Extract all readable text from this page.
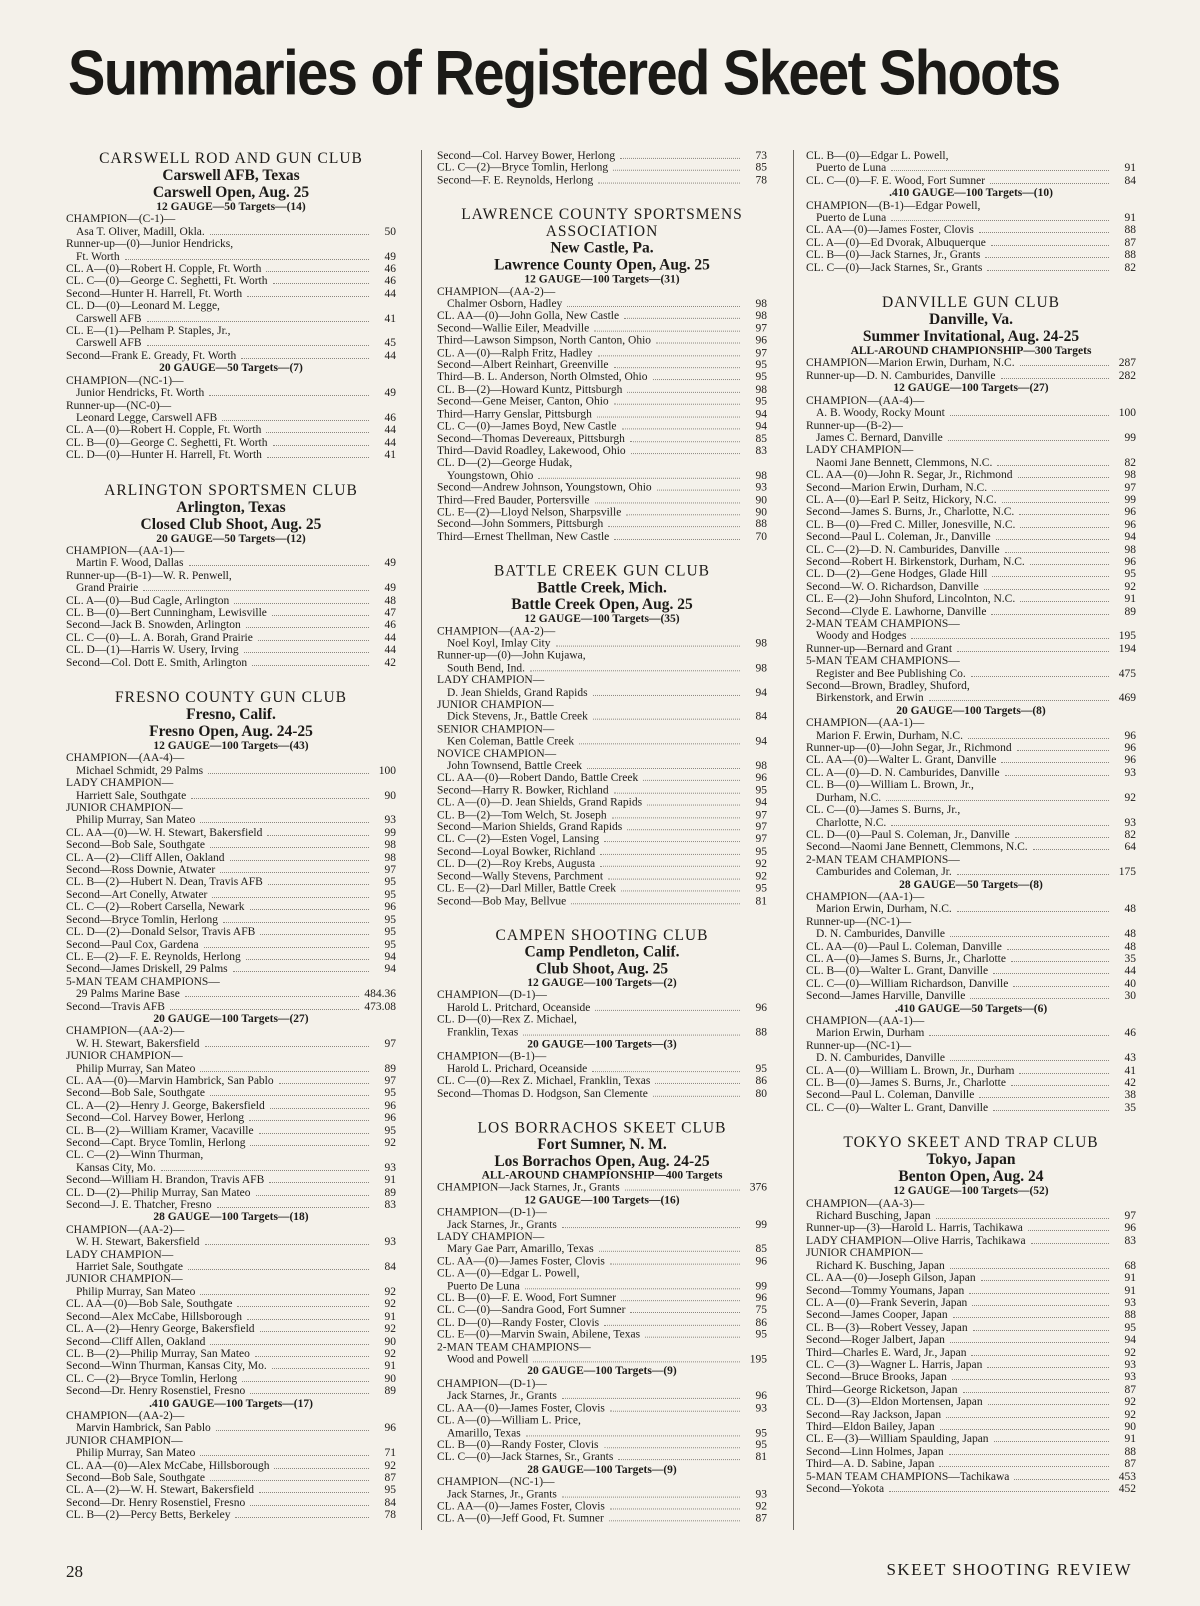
Summaries of Registered Skeet Shoots
CARSWELL ROD AND GUN CLUB
Carswell AFB, Texas
Carswell Open, Aug. 25
12 GAUGE—50 Targets—(14)
CHAMPION—(C-1)—
Asa T. Oliver, Madill, Okla.	50
Runner-up—(0)—Junior Hendricks,
Ft. Worth	49
CL. A—(0)—Robert H. Copple, Ft. Worth	46
CL. C—(0)—George C. Seghetti, Ft. Worth	46
Second—Hunter H. Harrell, Ft. Worth	44
CL. D—(0)—Leonard M. Legge,
Carswell AFB	41
CL. E—(1)—Pelham P. Staples, Jr.,
Carswell AFB	45
Second—Frank E. Gready, Ft. Worth	44
20 GAUGE—50 Targets—(7)
CHAMPION—(NC-1)—
Junior Hendricks, Ft. Worth	49
Runner-up—(NC-0)—
Leonard Legge, Carswell AFB	46
CL. A—(0)—Robert H. Copple, Ft. Worth	44
CL. B—(0)—George C. Seghetti, Ft. Worth	44
CL. D—(0)—Hunter H. Harrell, Ft. Worth	41
ARLINGTON SPORTSMEN CLUB
Arlington, Texas
Closed Club Shoot, Aug. 25
20 GAUGE—50 Targets—(12)
CHAMPION—(AA-1)—
Martin F. Wood, Dallas	49
Runner-up—(B-1)—W. R. Penwell,
Grand Prairie	49
CL. A—(0)—Bud Cagle, Arlington	48
CL. B—(0)—Bert Cunningham, Lewisville	47
Second—Jack B. Snowden, Arlington	46
CL. C—(0)—L. A. Borah, Grand Prairie	44
CL. D—(1)—Harris W. Usery, Irving	44
Second—Col. Dott E. Smith, Arlington	42
FRESNO COUNTY GUN CLUB
Fresno, Calif.
Fresno Open, Aug. 24-25
12 GAUGE—100 Targets—(43)
CHAMPION—(AA-4)—
Michael Schmidt, 29 Palms	100
LADY CHAMPION—
Harriett Sale, Southgate	90
JUNIOR CHAMPION—
Philip Murray, San Mateo	93
CL. AA—(0)—W. H. Stewart, Bakersfield	99
Second—Bob Sale, Southgate	98
CL. A—(2)—Cliff Allen, Oakland	98
Second—Ross Downie, Atwater	97
CL. B—(2)—Hubert N. Dean, Travis AFB	95
Second—Art Conelly, Atwater	95
CL. C—(2)—Robert Carsella, Newark	96
Second—Bryce Tomlin, Herlong	95
CL. D—(2)—Donald Selsor, Travis AFB	95
Second—Paul Cox, Gardena	95
CL. E—(2)—F. E. Reynolds, Herlong	94
Second—James Driskell, 29 Palms	94
5-MAN TEAM CHAMPIONS—
29 Palms Marine Base	484.36
Second—Travis AFB	473.08
20 GAUGE—100 Targets—(27)
CHAMPION—(AA-2)—
W. H. Stewart, Bakersfield	97
JUNIOR CHAMPION—
Philip Murray, San Mateo	89
CL. AA—(0)—Marvin Hambrick, San Pablo	97
Second—Bob Sale, Southgate	95
CL. A—(2)—Henry J. George, Bakersfield	96
Second—Col. Harvey Bower, Herlong	96
CL. B—(2)—William Kramer, Vacaville	95
Second—Capt. Bryce Tomlin, Herlong	92
CL. C—(2)—Winn Thurman,
Kansas City, Mo.	93
Second—William H. Brandon, Travis AFB	91
CL. D—(2)—Philip Murray, San Mateo	89
Second—J. E. Thatcher, Fresno	83
28 GAUGE—100 Targets—(18)
CHAMPION—(AA-2)—
W. H. Stewart, Bakersfield	93
LADY CHAMPION—
Harriet Sale, Southgate	84
JUNIOR CHAMPION—
Philip Murray, San Mateo	92
CL. AA—(0)—Bob Sale, Southgate	92
Second—Alex McCabe, Hillsborough	91
CL. A—(2)—Henry George, Bakersfield	92
Second—Cliff Allen, Oakland	90
CL. B—(2)—Philip Murray, San Mateo	92
Second—Winn Thurman, Kansas City, Mo.	91
CL. C—(2)—Bryce Tomlin, Herlong	90
Second—Dr. Henry Rosenstiel, Fresno	89
.410 GAUGE—100 Targets—(17)
CHAMPION—(AA-2)—
Marvin Hambrick, San Pablo	96
JUNIOR CHAMPION—
Philip Murray, San Mateo	71
CL. AA—(0)—Alex McCabe, Hillsborough	92
Second—Bob Sale, Southgate	87
CL. A—(2)—W. H. Stewart, Bakersfield	95
Second—Dr. Henry Rosenstiel, Fresno	84
CL. B—(2)—Percy Betts, Berkeley	78
Second—Col. Harvey Bower, Herlong	73
CL. C—(2)—Bryce Tomlin, Herlong	85
Second—F. E. Reynolds, Herlong	78
LAWRENCE COUNTY SPORTSMENS ASSOCIATION
New Castle, Pa.
Lawrence County Open, Aug. 25
12 GAUGE—100 Targets—(31)
CHAMPION—(AA-2)—
Chalmer Osborn, Hadley	98
CL. AA—(0)—John Golla, New Castle	98
Second—Wallie Eiler, Meadville	97
Third—Lawson Simpson, North Canton, Ohio	96
CL. A—(0)—Ralph Fritz, Hadley	97
Second—Albert Reinhart, Greenville	95
Third—B. L. Anderson, North Olmsted, Ohio	95
CL. B—(2)—Howard Kuntz, Pittsburgh	98
Second—Gene Meiser, Canton, Ohio	95
Third—Harry Genslar, Pittsburgh	94
CL. C—(0)—James Boyd, New Castle	94
Second—Thomas Devereaux, Pittsburgh	85
Third—David Roadley, Lakewood, Ohio	83
CL. D—(2)—George Hudak,
Youngstown, Ohio	98
Second—Andrew Johnson, Youngstown, Ohio	93
Third—Fred Bauder, Portersville	90
CL. E—(2)—Lloyd Nelson, Sharpsville	90
Second—John Sommers, Pittsburgh	88
Third—Ernest Thellman, New Castle	70
BATTLE CREEK GUN CLUB
Battle Creek, Mich.
Battle Creek Open, Aug. 25
12 GAUGE—100 Targets—(35)
CHAMPION—(AA-2)—
Noel Koyl, Imlay City	98
Runner-up—(0)—John Kujawa,
South Bend, Ind.	98
LADY CHAMPION—
D. Jean Shields, Grand Rapids	94
JUNIOR CHAMPION—
Dick Stevens, Jr., Battle Creek	84
SENIOR CHAMPION—
Ken Coleman, Battle Creek	94
NOVICE CHAMPION—
John Townsend, Battle Creek	98
CL. AA—(0)—Robert Dando, Battle Creek	96
Second—Harry R. Bowker, Richland	95
CL. A—(0)—D. Jean Shields, Grand Rapids	94
CL. B—(2)—Tom Welch, St. Joseph	97
Second—Marion Shields, Grand Rapids	97
CL. C—(2)—Esten Vogel, Lansing	97
Second—Loyal Bowker, Richland	95
CL. D—(2)—Roy Krebs, Augusta	92
Second—Wally Stevens, Parchment	92
CL. E—(2)—Darl Miller, Battle Creek	95
Second—Bob May, Bellvue	81
CAMPEN SHOOTING CLUB
Camp Pendleton, Calif.
Club Shoot, Aug. 25
12 GAUGE—100 Targets—(2)
CHAMPION—(D-1)—
Harold L. Pritchard, Oceanside	96
CL. D—(0)—Rex Z. Michael,
Franklin, Texas	88
20 GAUGE—100 Targets—(3)
CHAMPION—(B-1)—
Harold L. Prichard, Oceanside	95
CL. C—(0)—Rex Z. Michael, Franklin, Texas	86
Second—Thomas D. Hodgson, San Clemente	80
LOS BORRACHOS SKEET CLUB
Fort Sumner, N. M.
Los Borrachos Open, Aug. 24-25
ALL-AROUND CHAMPIONSHIP—400 Targets
CHAMPION—Jack Starnes, Jr., Grants	376
12 GAUGE—100 Targets—(16)
CHAMPION—(D-1)—
Jack Starnes, Jr., Grants	99
LADY CHAMPION—
Mary Gae Parr, Amarillo, Texas	85
CL. AA—(0)—James Foster, Clovis	96
CL. A—(0)—Edgar L. Powell,
Puerto De Luna	99
CL. B—(0)—F. E. Wood, Fort Sumner	96
CL. C—(0)—Sandra Good, Fort Sumner	75
CL. D—(0)—Randy Foster, Clovis	86
CL. E—(0)—Marvin Swain, Abilene, Texas	95
2-MAN TEAM CHAMPIONS—
Wood and Powell	195
20 GAUGE—100 Targets—(9)
CHAMPION—(D-1)—
Jack Starnes, Jr., Grants	96
CL. AA—(0)—James Foster, Clovis	93
CL. A—(0)—William L. Price,
Amarillo, Texas	95
CL. B—(0)—Randy Foster, Clovis	95
CL. C—(0)—Jack Starnes, Sr., Grants	81
28 GAUGE—100 Targets—(9)
CHAMPION—(NC-1)—
Jack Starnes, Jr., Grants	93
CL. AA—(0)—James Foster, Clovis	92
CL. A—(0)—Jeff Good, Ft. Sumner	87
CL. B—(0)—Edgar L. Powell,
Puerto de Luna	91
CL. C—(0)—F. E. Wood, Fort Sumner	84
.410 GAUGE—100 Targets—(10)
CHAMPION—(B-1)—Edgar Powell,
Puerto de Luna	91
CL. AA—(0)—James Foster, Clovis	88
CL. A—(0)—Ed Dvorak, Albuquerque	87
CL. B—(0)—Jack Starnes, Jr., Grants	88
CL. C—(0)—Jack Starnes, Sr., Grants	82
DANVILLE GUN CLUB
Danville, Va.
Summer Invitational, Aug. 24-25
ALL-AROUND CHAMPIONSHIP—300 Targets
CHAMPION—Marion Erwin, Durham, N.C.	287
Runner-up—D. N. Camburides, Danville	282
12 GAUGE—100 Targets—(27)
CHAMPION—(AA-4)—
A. B. Woody, Rocky Mount	100
Runner-up—(B-2)—
James C. Bernard, Danville	99
LADY CHAMPION—
Naomi Jane Bennett, Clemmons, N.C.	82
CL. AA—(0)—John R. Segar, Jr., Richmond	98
Second—Marion Erwin, Durham, N.C.	97
CL. A—(0)—Earl P. Seitz, Hickory, N.C.	99
Second—James S. Burns, Jr., Charlotte, N.C.	96
CL. B—(0)—Fred C. Miller, Jonesville, N.C.	96
Second—Paul L. Coleman, Jr., Danville	94
CL. C—(2)—D. N. Camburides, Danville	98
Second—Robert H. Birkenstork, Durham, N.C.	96
CL. D—(2)—Gene Hodges, Glade Hill	95
Second—W. O. Richardson, Danville	92
CL. E—(2)—John Shuford, Lincolnton, N.C.	91
Second—Clyde E. Lawhorne, Danville	89
2-MAN TEAM CHAMPIONS—
Woody and Hodges	195
Runner-up—Bernard and Grant	194
5-MAN TEAM CHAMPIONS—
Register and Bee Publishing Co.	475
Second—Brown, Bradley, Shuford,
Birkenstork, and Erwin	469
20 GAUGE—100 Targets—(8)
CHAMPION—(AA-1)—
Marion F. Erwin, Durham, N.C.	96
Runner-up—(0)—John Segar, Jr., Richmond	96
CL. AA—(0)—Walter L. Grant, Danville	96
CL. A—(0)—D. N. Camburides, Danville	93
CL. B—(0)—William L. Brown, Jr.,
Durham, N.C.	92
CL. C—(0)—James S. Burns, Jr.,
Charlotte, N.C.	93
CL. D—(0)—Paul S. Coleman, Jr., Danville	82
Second—Naomi Jane Bennett, Clemmons, N.C.	64
2-MAN TEAM CHAMPIONS—
Camburides and Coleman, Jr.	175
28 GAUGE—50 Targets—(8)
CHAMPION—(AA-1)—
Marion Erwin, Durham, N.C.	48
Runner-up—(NC-1)—
D. N. Camburides, Danville	48
CL. AA—(0)—Paul L. Coleman, Danville	48
CL. A—(0)—James S. Burns, Jr., Charlotte	35
CL. B—(0)—Walter L. Grant, Danville	44
CL. C—(0)—William Richardson, Danville	40
Second—James Harville, Danville	30
.410 GAUGE—50 Targets—(6)
CHAMPION—(AA-1)—
Marion Erwin, Durham	46
Runner-up—(NC-1)—
D. N. Camburides, Danville	43
CL. A—(0)—William L. Brown, Jr., Durham	41
CL. B—(0)—James S. Burns, Jr., Charlotte	42
Second—Paul L. Coleman, Danville	38
CL. C—(0)—Walter L. Grant, Danville	35
TOKYO SKEET AND TRAP CLUB
Tokyo, Japan
Benton Open, Aug. 24
12 GAUGE—100 Targets—(52)
CHAMPION—(AA-3)—
Richard Busching, Japan	97
Runner-up—(3)—Harold L. Harris, Tachikawa	96
LADY CHAMPION—Olive Harris, Tachikawa	83
JUNIOR CHAMPION—
Richard K. Busching, Japan	68
CL. AA—(0)—Joseph Gilson, Japan	91
Second—Tommy Youmans, Japan	91
CL. A—(0)—Frank Severin, Japan	93
Second—James Cooper, Japan	88
CL. B—(3)—Robert Vessey, Japan	95
Second—Roger Jalbert, Japan	94
Third—Charles E. Ward, Jr., Japan	92
CL. C—(3)—Wagner L. Harris, Japan	93
Second—Bruce Brooks, Japan	93
Third—George Ricketson, Japan	87
CL. D—(3)—Eldon Mortensen, Japan	92
Second—Ray Jackson, Japan	92
Third—Eldon Bailey, Japan	90
CL. E—(3)—William Spaulding, Japan	91
Second—Linn Holmes, Japan	88
Third—A. D. Sabine, Japan	87
5-MAN TEAM CHAMPIONS—Tachikawa	453
Second—Yokota	452
28	SKEET SHOOTING REVIEW
